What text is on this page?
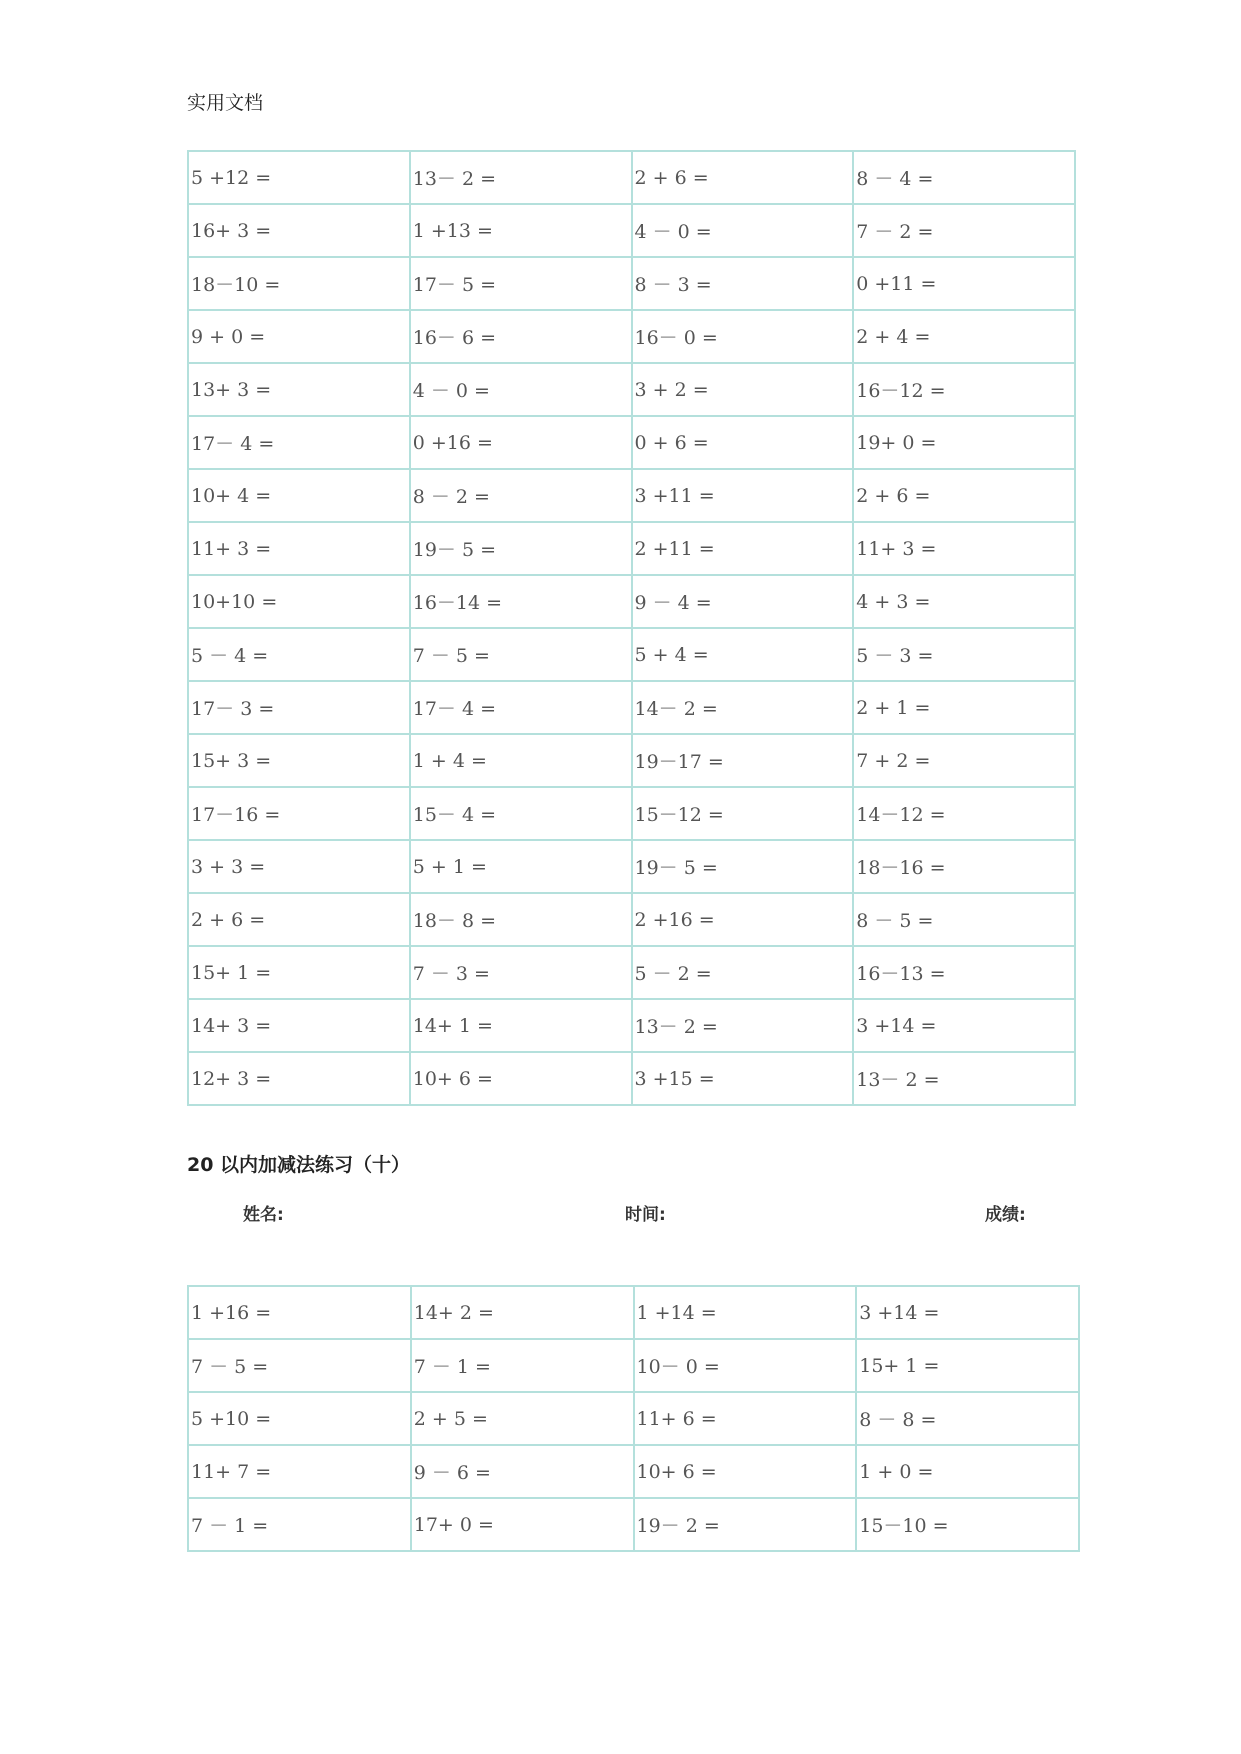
实用文档
5 +12 =	13－ 2 =	2 + 6 =	8 － 4 =
16+ 3 =	1 +13 =	4 － 0 =	7 － 2 =
18－10 =	17－ 5 =	8 － 3 =	0 +11 =
9 + 0 =	16－ 6 =	16－ 0 =	2 + 4 =
13+ 3 =	4 － 0 =	3 + 2 =	16－12 =
17－ 4 =	0 +16 =	0 + 6 =	19+ 0 =
10+ 4 =	8 － 2 =	3 +11 =	2 + 6 =
11+ 3 =	19－ 5 =	2 +11 =	11+ 3 =
10+10 =	16－14 =	9 － 4 =	4 + 3 =
5 － 4 =	7 － 5 =	5 + 4 =	5 － 3 =
17－ 3 =	17－ 4 =	14－ 2 =	2 + 1 =
15+ 3 =	1 + 4 =	19－17 =	7 + 2 =
17－16 =	15－ 4 =	15－12 =	14－12 =
3 + 3 =	5 + 1 =	19－ 5 =	18－16 =
2 + 6 =	18－ 8 =	2 +16 =	8 － 5 =
15+ 1 =	7 － 3 =	5 － 2 =	16－13 =
14+ 3 =	14+ 1 =	13－ 2 =	3 +14 =
12+ 3 =	10+ 6 =	3 +15 =	13－ 2 =
20 以内加减法练习（十）
姓名:	时间:	成绩:
1 +16 =	14+ 2 =	1 +14 =	3 +14 =
7 － 5 =	7 － 1 =	10－ 0 =	15+ 1 =
5 +10 =	2 + 5 =	11+ 6 =	8 － 8 =
11+ 7 =	9 － 6 =	10+ 6 =	1 + 0 =
7 － 1 =	17+ 0 =	19－ 2 =	15－10 =
